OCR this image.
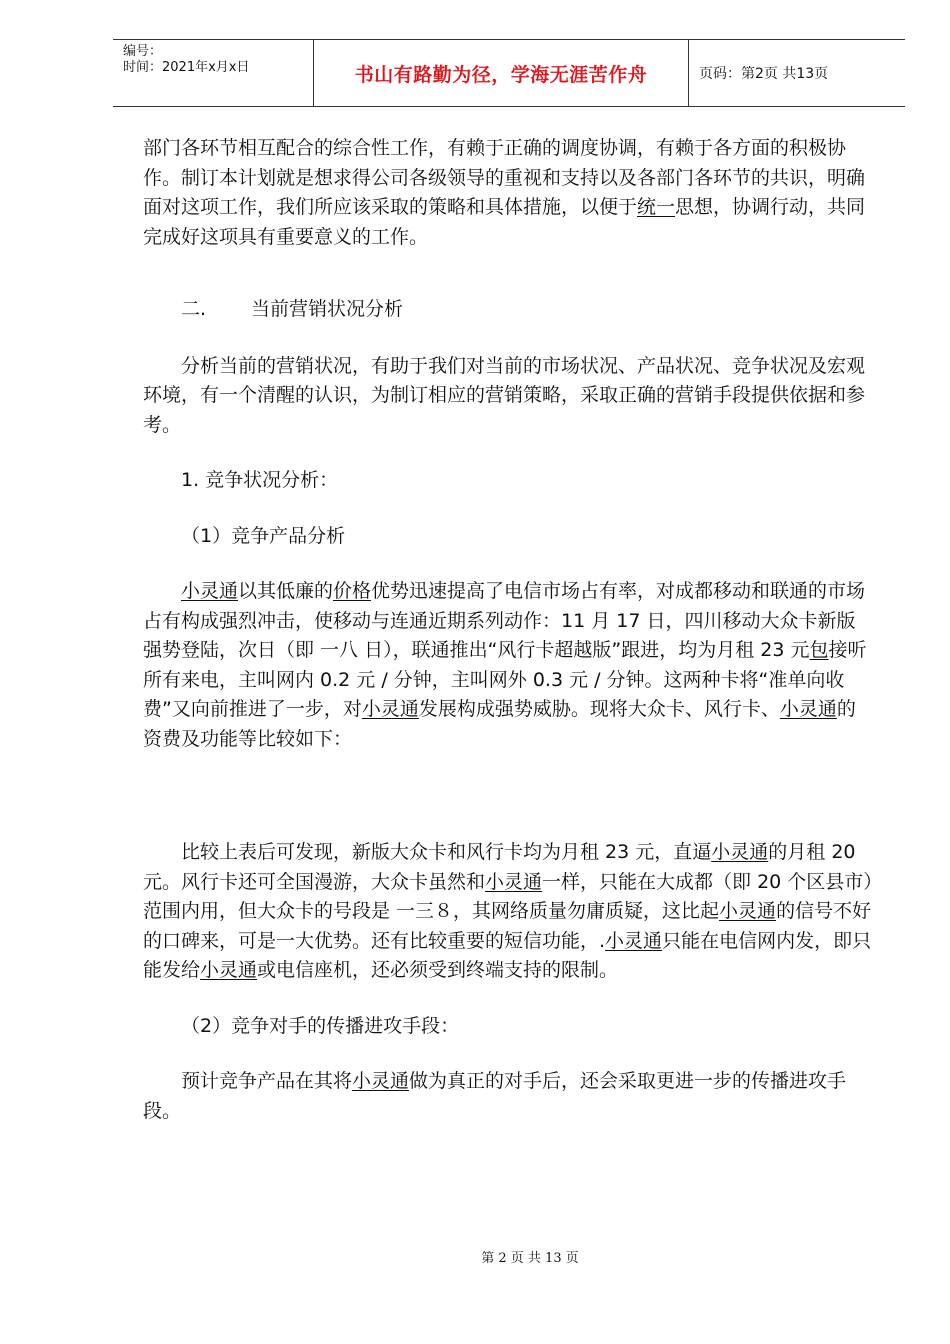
编号：
时间：2021年x月x日	书山有路勤为径，学海无涯苦作舟	页码：第2页 共13页

部门各环节相互配合的综合性工作，有赖于正确的调度协调，有赖于各方面的积极协作。制订本计划就是想求得公司各级领导的重视和支持以及各部门各环节的共识，明确面对这项工作，我们所应该采取的策略和具体措施，以便于统一思想，协调行动，共同完成好这项具有重要意义的工作。

二. 当前营销状况分析

分析当前的营销状况，有助于我们对当前的市场状况、产品状况、竞争状况及宏观环境，有一个清醒的认识，为制订相应的营销策略，采取正确的营销手段提供依据和参考。

1. 竞争状况分析：

（1）竞争产品分析

小灵通以其低廉的价格优势迅速提高了电信市场占有率，对成都移动和联通的市场占有构成强烈冲击，使移动与连通近期系列动作：11 月 17 日，四川移动大众卡新版强势登陆，次日（即 一八 日），联通推出“风行卡超越版”跟进，均为月租 23 元包接听所有来电，主叫网内 0.2 元 / 分钟，主叫网外 0.3 元 / 分钟。这两种卡将“准单向收费”又向前推进了一步，对小灵通发展构成强势威胁。现将大众卡、风行卡、小灵通的资费及功能等比较如下：

比较上表后可发现，新版大众卡和风行卡均为月租 23 元，直逼小灵通的月租 20 元。风行卡还可全国漫游，大众卡虽然和小灵通一样，只能在大成都（即 20 个区县市）范围内用，但大众卡的号段是 一三８，其网络质量勿庸质疑，这比起小灵通的信号不好的口碑来，可是一大优势。还有比较重要的短信功能，.小灵通只能在电信网内发，即只能发给小灵通或电信座机，还必须受到终端支持的限制。

（2）竞争对手的传播进攻手段：

预计竞争产品在其将小灵通做为真正的对手后，还会采取更进一步的传播进攻手段。

第 2 页 共 13 页
